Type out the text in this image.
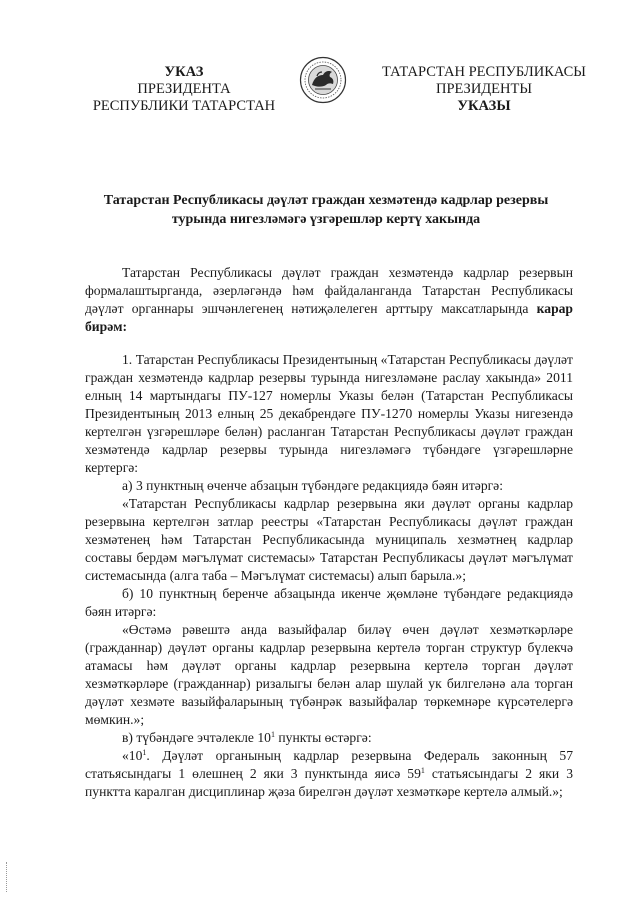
УКАЗ
ПРЕЗИДЕНТА
РЕСПУБЛИКИ ТАТАРСТАН
ТАТАРСТАН РЕСПУБЛИКАСЫ
ПРЕЗИДЕНТЫ
УКАЗЫ
Татарстан Республикасы дәүләт граждан хезмәтендә кадрлар резервы
турында нигезләмәгә үзгәрешләр кертү хакында

Татарстан Республикасы дәүләт граждан хезмәтендә кадрлар резервын формалаштырганда, әзерләгәндә һәм файдаланганда Татарстан Республикасы дәүләт органнары эшчәнлегенең нәтиҗәлелеген арттыру максатларында карар бирәм:

1. Татарстан Республикасы Президентының «Татарстан Республикасы дәүләт граждан хезмәтендә кадрлар резервы турында нигезләмәне раслау хакында» 2011 елның 14 мартындагы ПУ-127 номерлы Указы белән (Татарстан Республикасы Президентының 2013 елның 25 декабрендәге ПУ-1270 номерлы Указы нигезендә кертелгән үзгәрешләре белән) расланган Татарстан Республикасы дәүләт граждан хезмәтендә кадрлар резервы турында нигезләмәгә түбәндәге үзгәрешләрне кертергә:

а) 3 пунктның өченче абзацын түбәндәге редакциядә бәян итәргә:

«Татарстан Республикасы кадрлар резервына яки дәүләт органы кадрлар резервына кертелгән затлар реестры «Татарстан Республикасы дәүләт граждан хезмәтенең һәм Татарстан Республикасында муниципаль хезмәтнең кадрлар составы бердәм мәгълүмат системасы» Татарстан Республикасы дәүләт мәгълүмат системасында (алга таба – Мәгълүмат системасы) алып барыла.»;

б) 10 пунктның беренче абзацында икенче җөмләне түбәндәге редакциядә бәян итәргә:

«Өстәмә рәвештә анда вазыйфалар биләү өчен дәүләт хезмәткәрләре (гражданнар) дәүләт органы кадрлар резервына кертелә торган структур бүлекчә атамасы һәм дәүләт органы кадрлар резервына кертелә торган дәүләт хезмәткәрләре (гражданнар) ризалыгы белән алар шулай ук билгеләнә ала торган дәүләт хезмәте вазыйфаларының түбәнрәк вазыйфалар төркемнәре күрсәтелергә мөмкин.»;

в) түбәндәге эчтәлекле $10^1$ пункты өстәргә:

«$10^1$. Дәүләт органының кадрлар резервына Федераль законның 57 статьясындагы 1 өлешнең 2 яки 3 пунктында яисә $59^1$ статьясындагы 2 яки 3 пунктта каралган дисциплинар җәза бирелгән дәүләт хезмәткәре кертелә алмый.»;
